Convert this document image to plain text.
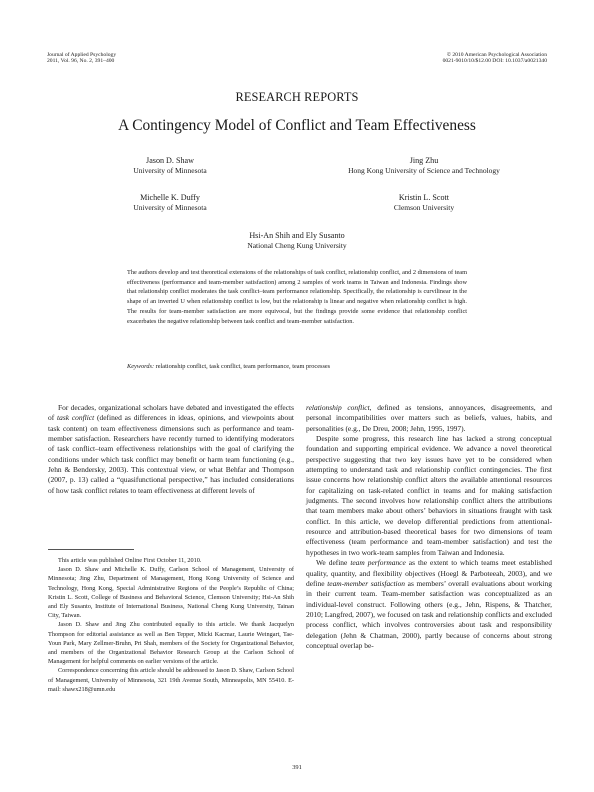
Journal of Applied Psychology
2011, Vol. 96, No. 2, 391–400
© 2010 American Psychological Association
0021-9010/10/$12.00 DOI: 10.1037/a0021340
RESEARCH REPORTS
A Contingency Model of Conflict and Team Effectiveness
Jason D. Shaw
University of Minnesota
Jing Zhu
Hong Kong University of Science and Technology
Michelle K. Duffy
University of Minnesota
Kristin L. Scott
Clemson University
Hsi-An Shih and Ely Susanto
National Cheng Kung University
The authors develop and test theoretical extensions of the relationships of task conflict, relationship conflict, and 2 dimensions of team effectiveness (performance and team-member satisfaction) among 2 samples of work teams in Taiwan and Indonesia. Findings show that relationship conflict moderates the task conflict–team performance relationship. Specifically, the relationship is curvilinear in the shape of an inverted U when relationship conflict is low, but the relationship is linear and negative when relationship conflict is high. The results for team-member satisfaction are more equivocal, but the findings provide some evidence that relationship conflict exacerbates the negative relationship between task conflict and team-member satisfaction.
Keywords: relationship conflict, task conflict, team performance, team processes

For decades, organizational scholars have debated and investigated the effects of task conflict (defined as differences in ideas, opinions, and viewpoints about task content) on team effectiveness dimensions such as performance and team-member satisfaction. Researchers have recently turned to identifying moderators of task conflict–team effectiveness relationships with the goal of clarifying the conditions under which task conflict may benefit or harm team functioning (e.g., Jehn & Bendersky, 2003). This contextual view, or what Behfar and Thompson (2007, p. 13) called a “quasifunctional perspective,” has included considerations of how task conflict relates to team effectiveness at different levels of

This article was published Online First October 11, 2010.

Jason D. Shaw and Michelle K. Duffy, Carlson School of Management, University of Minnesota; Jing Zhu, Department of Management, Hong Kong University of Science and Technology, Hong Kong, Special Administrative Regions of the People’s Republic of China; Kristin L. Scott, College of Business and Behavioral Science, Clemson University; Hsi-An Shih and Ely Susanto, Institute of International Business, National Cheng Kung University, Tainan City, Taiwan.

Jason D. Shaw and Jing Zhu contributed equally to this article. We thank Jacquelyn Thompson for editorial assistance as well as Ben Tepper, Micki Kacmar, Laurie Weingart, Tae-Youn Park, Mary Zellmer-Bruhn, Pri Shah, members of the Society for Organizational Behavior, and members of the Organizational Behavior Research Group at the Carlson School of Management for helpful comments on earlier versions of the article.

Correspondence concerning this article should be addressed to Jason D. Shaw, Carlson School of Management, University of Minnesota, 321 19th Avenue South, Minneapolis, MN 55410. E-mail: shawx218@umn.edu

relationship conflict, defined as tensions, annoyances, disagreements, and personal incompatibilities over matters such as beliefs, values, habits, and personalities (e.g., De Dreu, 2008; Jehn, 1995, 1997).

Despite some progress, this research line has lacked a strong conceptual foundation and supporting empirical evidence. We advance a novel theoretical perspective suggesting that two key issues have yet to be considered when attempting to understand task and relationship conflict contingencies. The first issue concerns how relationship conflict alters the available attentional resources for capitalizing on task-related conflict in teams and for making satisfaction judgments. The second involves how relationship conflict alters the attributions that team members make about others’ behaviors in situations fraught with task conflict. In this article, we develop differential predictions from attentional-resource and attribution-based theoretical bases for two dimensions of team effectiveness (team performance and team-member satisfaction) and test the hypotheses in two work-team samples from Taiwan and Indonesia.

We define team performance as the extent to which teams meet established quality, quantity, and flexibility objectives (Hoegl & Parboteeah, 2003), and we define team-member satisfaction as members’ overall evaluations about working in their current team. Team-member satisfaction was conceptualized as an individual-level construct. Following others (e.g., Jehn, Rispens, & Thatcher, 2010; Langfred, 2007), we focused on task and relationship conflicts and excluded process conflict, which involves controversies about task and responsibility delegation (Jehn & Chatman, 2000), partly because of concerns about strong conceptual overlap be-

391
